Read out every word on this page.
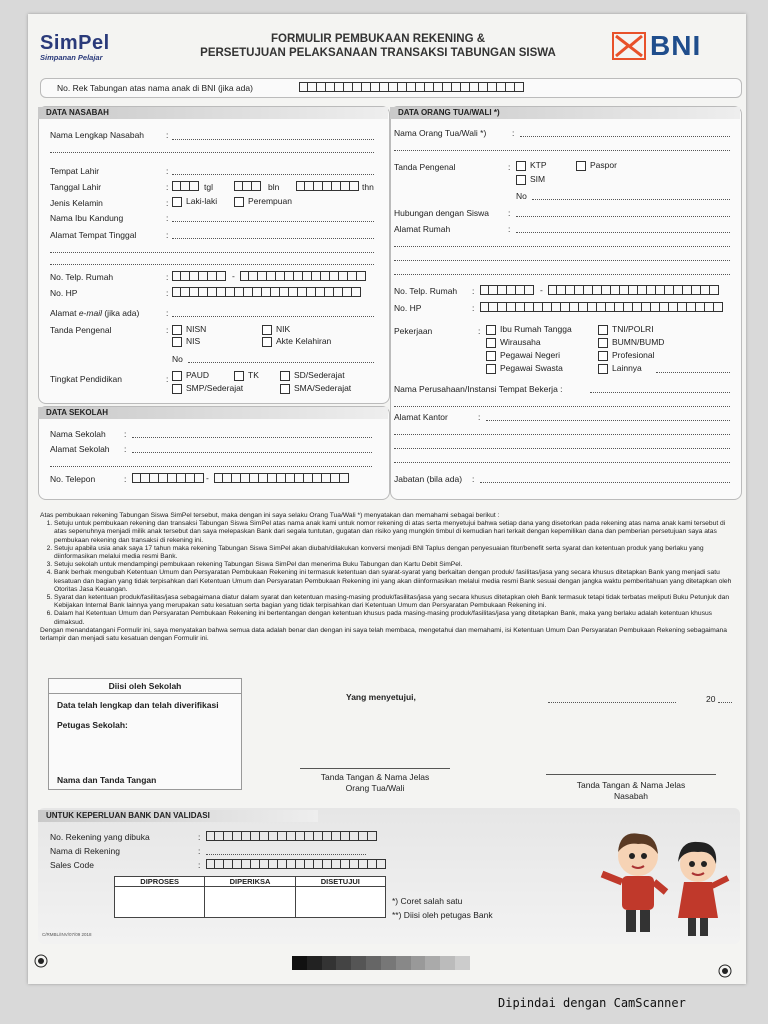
SimPel
Simpanan Pelajar
FORMULIR PEMBUKAAN REKENING &
PERSETUJUAN PELAKSANAAN TRANSAKSI TABUNGAN SISWA	BNI
No. Rek Tabungan atas nama anak di BNI (jika ada)
DATA NASABAH
Nama Lengkap Nasabah	:
Tempat Lahir	:
Tanggal Lahir	:	tgl	bln	thn
Jenis Kelamin	:	Laki-laki	Perempuan
Nama Ibu Kandung	:
Alamat Tempat Tinggal	:
No. Telp. Rumah	:	-
No. HP	:
Alamat e-mail (jika ada)	:
Tanda Pengenal	:	NISN	NIK
NIS	Akte Kelahiran
No
Tingkat Pendidikan	:	PAUD	TK	SD/Sederajat
SMP/Sederajat	SMA/Sederajat
DATA SEKOLAH
Nama Sekolah :
Alamat Sekolah :
No. Telepon	:	-
DATA ORANG TUA/WALI *)
Nama Orang Tua/Wali *)	:
Tanda Pengenal	:	KTP	Paspor
SIM
No
Hubungan dengan Siswa :
Alamat Rumah	:
No. Telp. Rumah :	-
No. HP	:
Pekerjaan	:	Ibu Rumah Tangga	TNI/POLRI
Wirausaha	BUMN/BUMD
Pegawai Negeri	Profesional
Pegawai Swasta	Lainnya
Nama Perusahaan/Instansi Tempat Bekerja :
Alamat Kantor	:
Jabatan (bila ada) :
Atas pembukaan rekening Tabungan Siswa SimPel tersebut, maka dengan ini saya selaku Orang Tua/Wali *) menyatakan dan memahami sebagai berikut :
1. Setuju untuk pembukaan rekening dan transaksi Tabungan Siswa SimPel atas nama anak kami untuk nomor rekening di atas serta menyetujui bahwa setiap dana yang disetorkan pada rekening atas nama anak kami tersebut di atas sepenuhnya menjadi milik anak tersebut dan saya melepaskan Bank dari segala tuntutan, gugatan dan risiko yang mungkin timbul di kemudian hari terkait dengan kepemilikan dana dan pemberian persetujuan saya atas pembukaan rekening dan transaksi di rekening ini.
2. Setuju apabila usia anak saya 17 tahun maka rekening Tabungan Siswa SimPel akan diubah/dilakukan konversi menjadi BNI Taplus dengan penyesuaian fitur/benefit serta syarat dan ketentuan produk yang berlaku yang diinformasikan melalui media resmi Bank.
3. Setuju sekolah untuk mendampingi pembukaan rekening Tabungan Siswa SimPel dan menerima Buku Tabungan dan Kartu Debit SimPel.
4. Bank berhak mengubah Ketentuan Umum dan Persyaratan Pembukaan Rekening ini termasuk ketentuan dan syarat-syarat yang berkaitan dengan produk/ fasilitas/jasa yang secara khusus ditetapkan Bank yang menjadi satu kesatuan dan bagian yang tidak terpisahkan dari Ketentuan Umum dan Persyaratan Pembukaan Rekening ini yang akan diinformasikan melalui media resmi Bank sesuai dengan jangka waktu pemberitahuan yang ditetapkan oleh Otoritas Jasa Keuangan.
5. Syarat dan ketentuan produk/fasilitas/jasa sebagaimana diatur dalam syarat dan ketentuan masing-masing produk/fasilitas/jasa yang secara khusus ditetapkan oleh Bank termasuk tetapi tidak terbatas meliputi Buku Petunjuk dan Kebijakan Internal Bank lainnya yang merupakan satu kesatuan serta bagian yang tidak terpisahkan dari Ketentuan Umum dan Persyaratan Pembukaan Rekening ini.
6. Dalam hal Ketentuan Umum dan Persyaratan Pembukaan Rekening ini bertentangan dengan ketentuan khusus pada masing-masing produk/fasilitas/jasa yang ditetapkan Bank, maka yang berlaku adalah ketentuan khusus dimaksud.
Dengan menandatangani Formulir ini, saya menyatakan bahwa semua data adalah benar dan dengan ini saya telah membaca, mengetahui dan memahami, isi Ketentuan Umum Dan Persyaratan Pembukaan Rekening sebagaimana terlampir dan menjadi satu kesatuan dengan Formulir ini.
Diisi oleh Sekolah
Data telah lengkap dan telah diverifikasi
Petugas Sekolah:
Nama dan Tanda Tangan
Yang menyetujui,	20
Tanda Tangan & Nama Jelas
Orang Tua/Wali	Tanda Tangan & Nama Jelas
Nasabah
UNTUK KEPERLUAN BANK DAN VALIDASI
No. Rekening yang dibuka	:
Nama di Rekening	:
Sales Code	:
DIPROSES	DIPERIKSA	DISETUJUI
*) Coret salah satu
**) Diisi oleh petugas Bank
C/RMBL/INV/07/09 2018
Dipindai dengan CamScanner
